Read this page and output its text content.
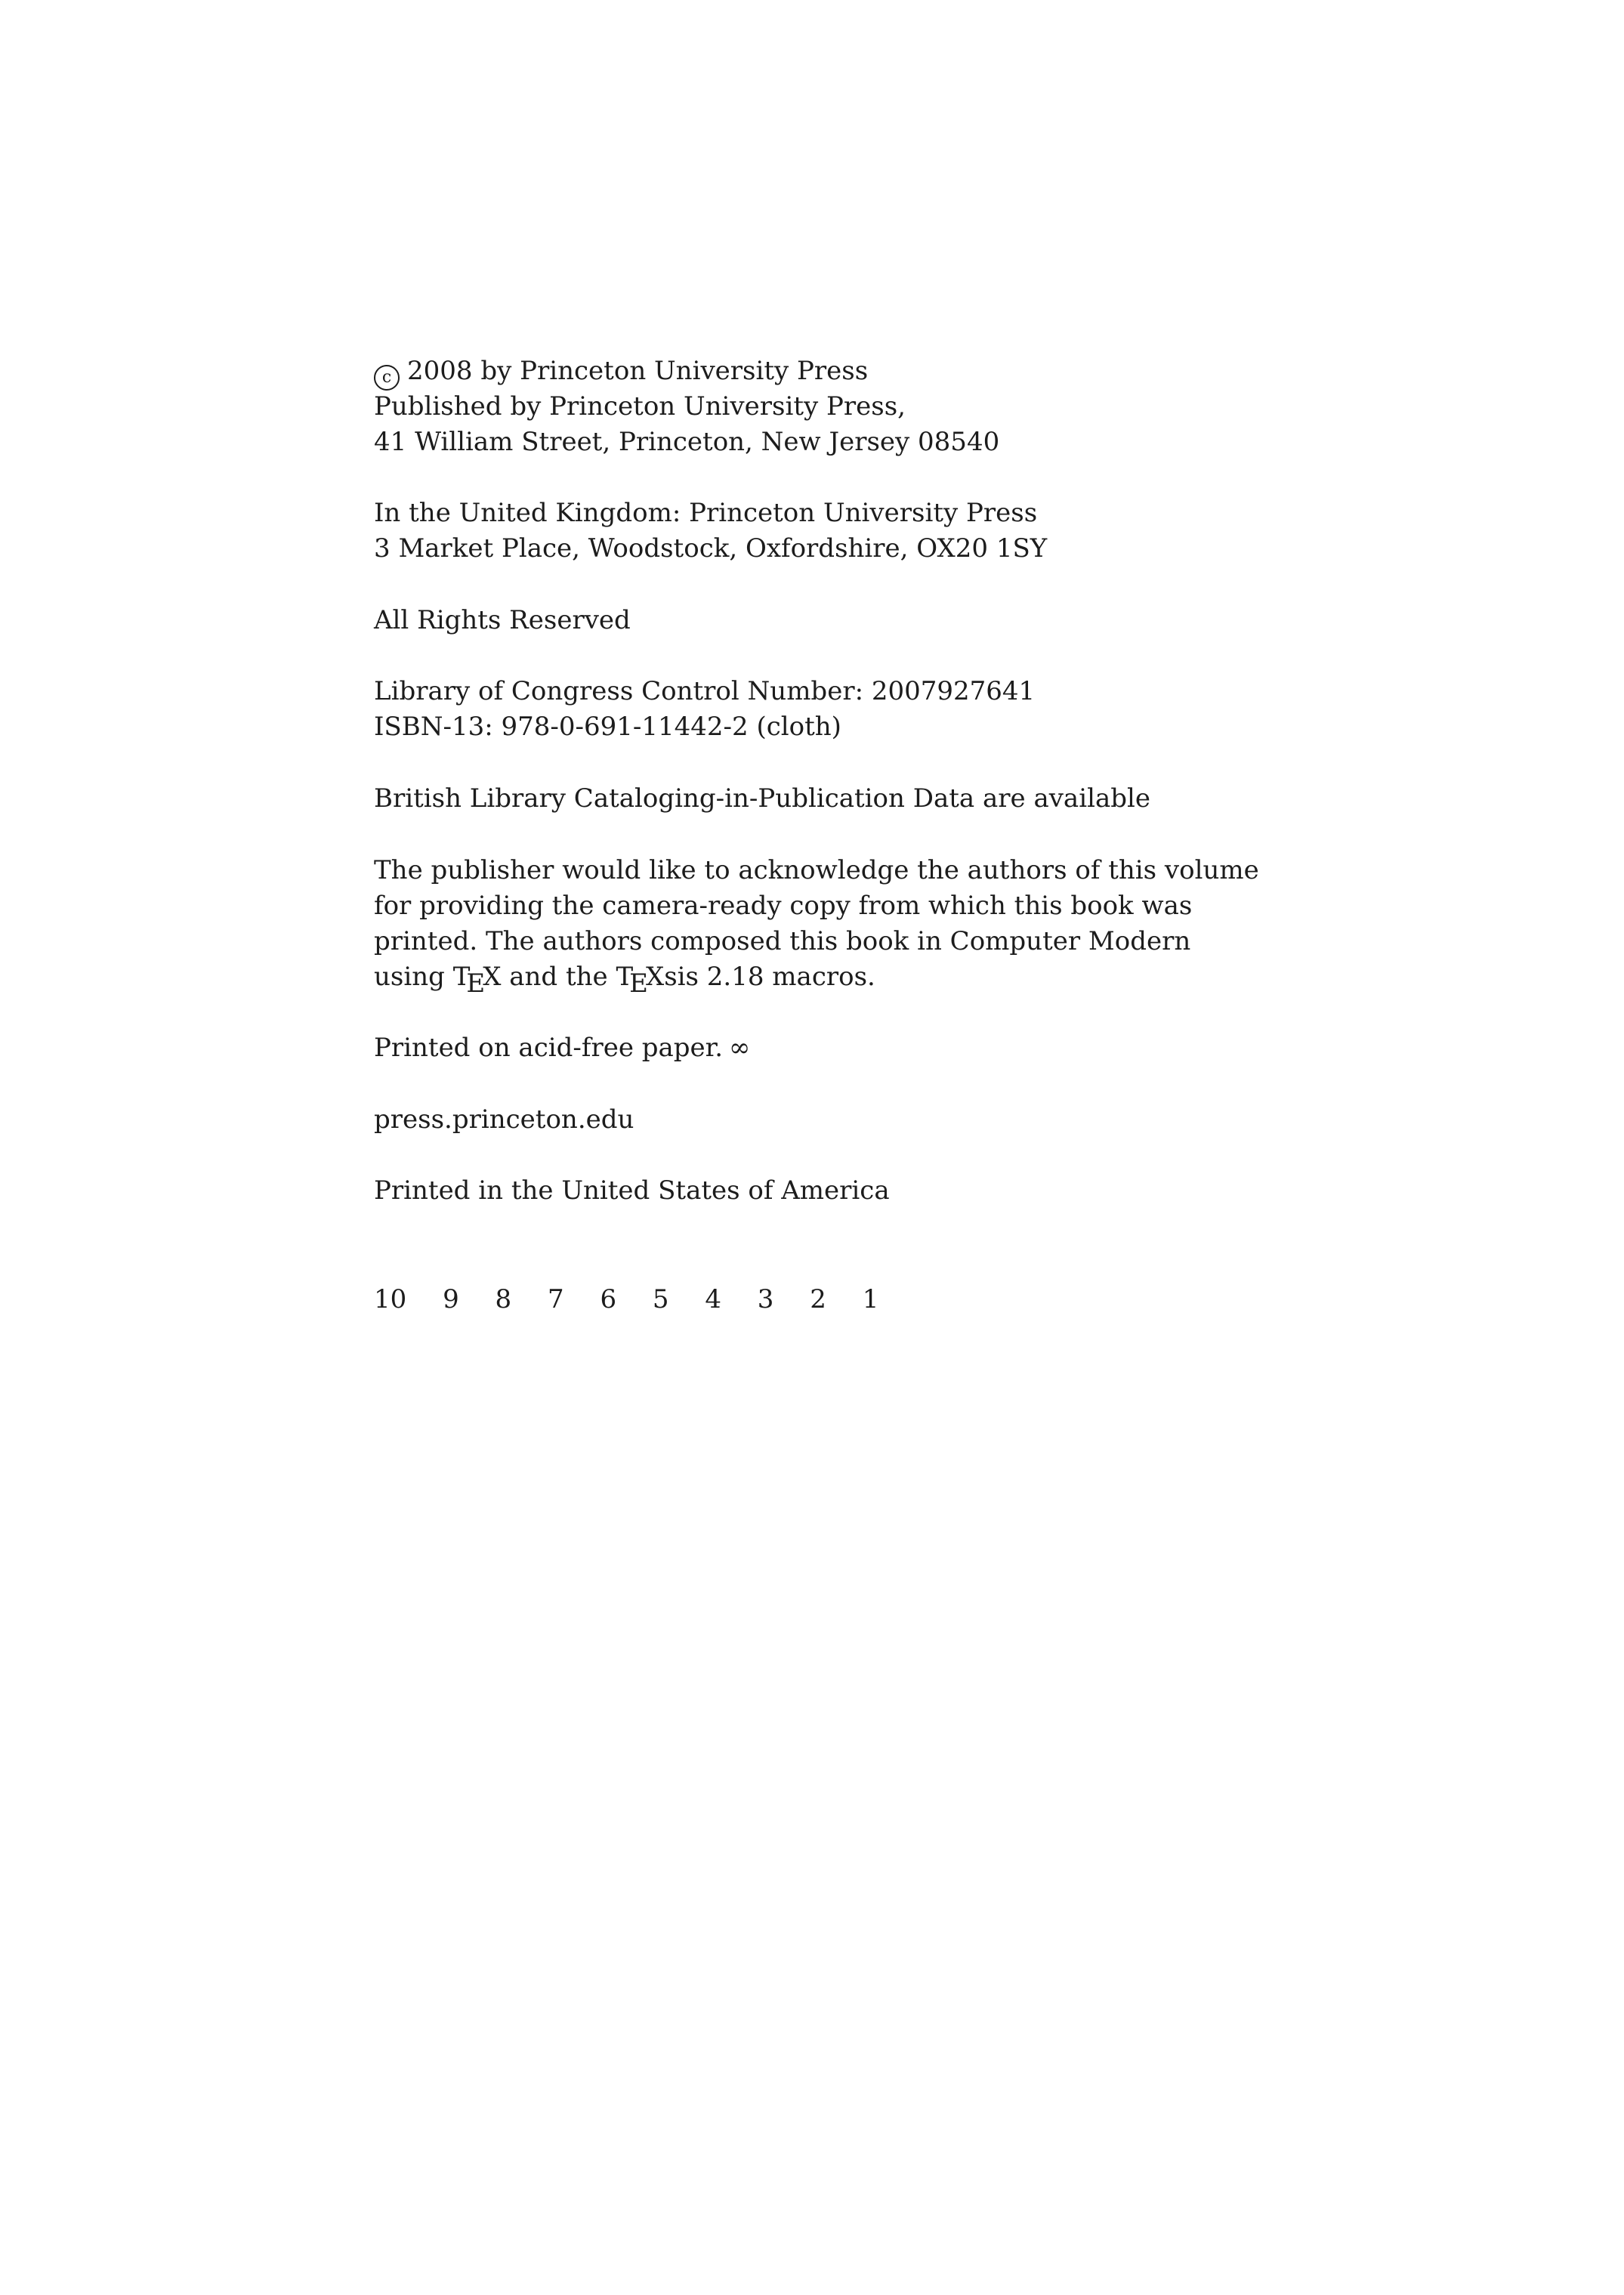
c 2008 by Princeton University Press
Published by Princeton University Press,
41 William Street, Princeton, New Jersey 08540
In the United Kingdom: Princeton University Press
3 Market Place, Woodstock, Oxfordshire, OX20 1SY
All Rights Reserved
Library of Congress Control Number: 2007927641
ISBN-13: 978-0-691-11442-2 (cloth)
British Library Cataloging-in-Publication Data are available
The publisher would like to acknowledge the authors of this volume
for providing the camera-ready copy from which this book was
printed. The authors composed this book in Computer Modern
using TEX and the TEXsis 2.18 macros.
Printed on acid-free paper. ∞
press.princeton.edu
Printed in the United States of America
10 9 8 7 6 5 4 3 2 1
